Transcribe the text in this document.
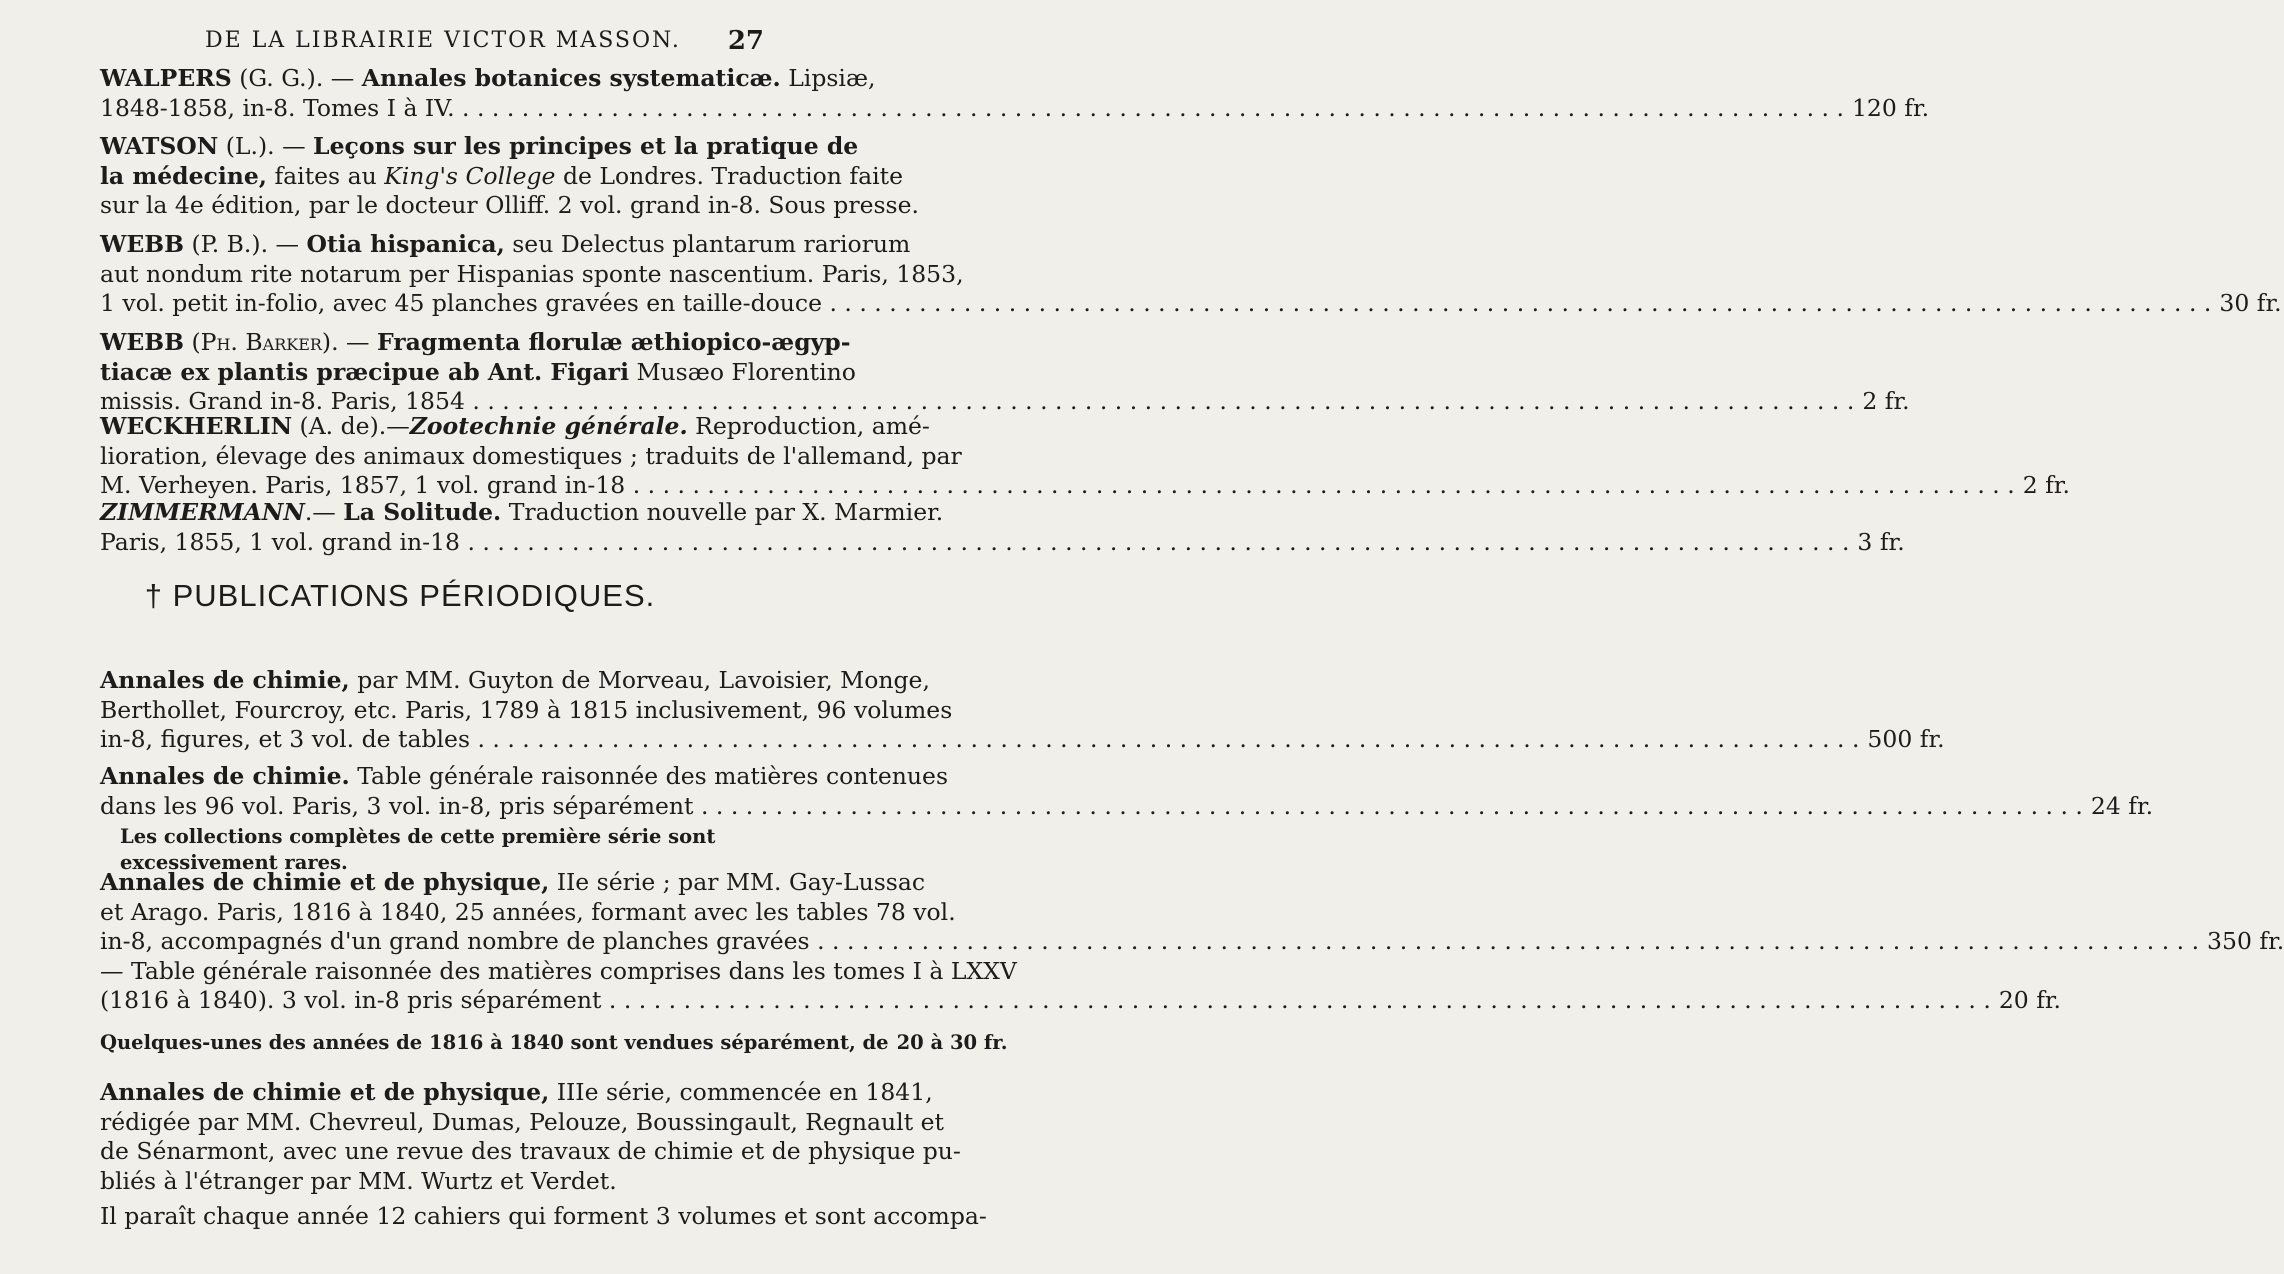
DE LA LIBRAIRIE VICTOR MASSON. 27
WALPERS (G. G.). — Annales botanices systematicæ. Lipsiæ,
1848-1858, in-8. Tomes I à IV. . . .	120 fr.
WATSON (L.). — Leçons sur les principes et la pratique de
la médecine, faites au King's College de Londres. Traduction faite
sur la 4e édition, par le docteur Olliff. 2 vol. grand in-8. Sous presse.
WEBB (P. B.). — Otia hispanica, seu Delectus plantarum rariorum
aut nondum rite notarum per Hispanias sponte nascentium. Paris, 1853,
1 vol. petit in-folio, avec 45 planches gravées en taille-douce . . .	30 fr.
WEBB (Ph. Barker). — Fragmenta florulæ æthiopico-ægyp-
tiacæ ex plantis præcipue ab Ant. Figari Musæo Florentino
missis. Grand in-8. Paris, 1854 . . .	2 fr.
WECKHERLIN (A. de).—Zootechnie générale. Reproduction, amé-
lioration, élevage des animaux domestiques ; traduits de l'allemand, par
M. Verheyen. Paris, 1857, 1 vol. grand in-18 . . .	2 fr.
ZIMMERMANN.— La Solitude. Traduction nouvelle par X. Marmier.
Paris, 1855, 1 vol. grand in-18 . . .	3 fr.
† PUBLICATIONS PÉRIODIQUES.
Annales de chimie, par MM. Guyton de Morveau, Lavoisier, Monge,
Berthollet, Fourcroy, etc. Paris, 1789 à 1815 inclusivement, 96 volumes
in-8, figures, et 3 vol. de tables . . .	500 fr.
Annales de chimie. Table générale raisonnée des matières contenues
dans les 96 vol. Paris, 3 vol. in-8, pris séparément . . .	24 fr.
Les collections complètes de cette première série sont excessivement rares.
Annales de chimie et de physique, IIe série ; par MM. Gay-Lussac
et Arago. Paris, 1816 à 1840, 25 années, formant avec les tables 78 vol.
in-8, accompagnés d'un grand nombre de planches gravées . . .	350 fr.
— Table générale raisonnée des matières comprises dans les tomes I à LXXV
(1816 à 1840). 3 vol. in-8 pris séparément . . .	20 fr.
Quelques-unes des années de 1816 à 1840 sont vendues séparément, de 20 à 30 fr.
Annales de chimie et de physique, IIIe série, commencée en 1841,
rédigée par MM. Chevreul, Dumas, Pelouze, Boussingault, Regnault et
de Sénarmont, avec une revue des travaux de chimie et de physique pu-
bliés à l'étranger par MM. Wurtz et Verdet.
Il paraît chaque année 12 cahiers qui forment 3 volumes et sont accompa-
